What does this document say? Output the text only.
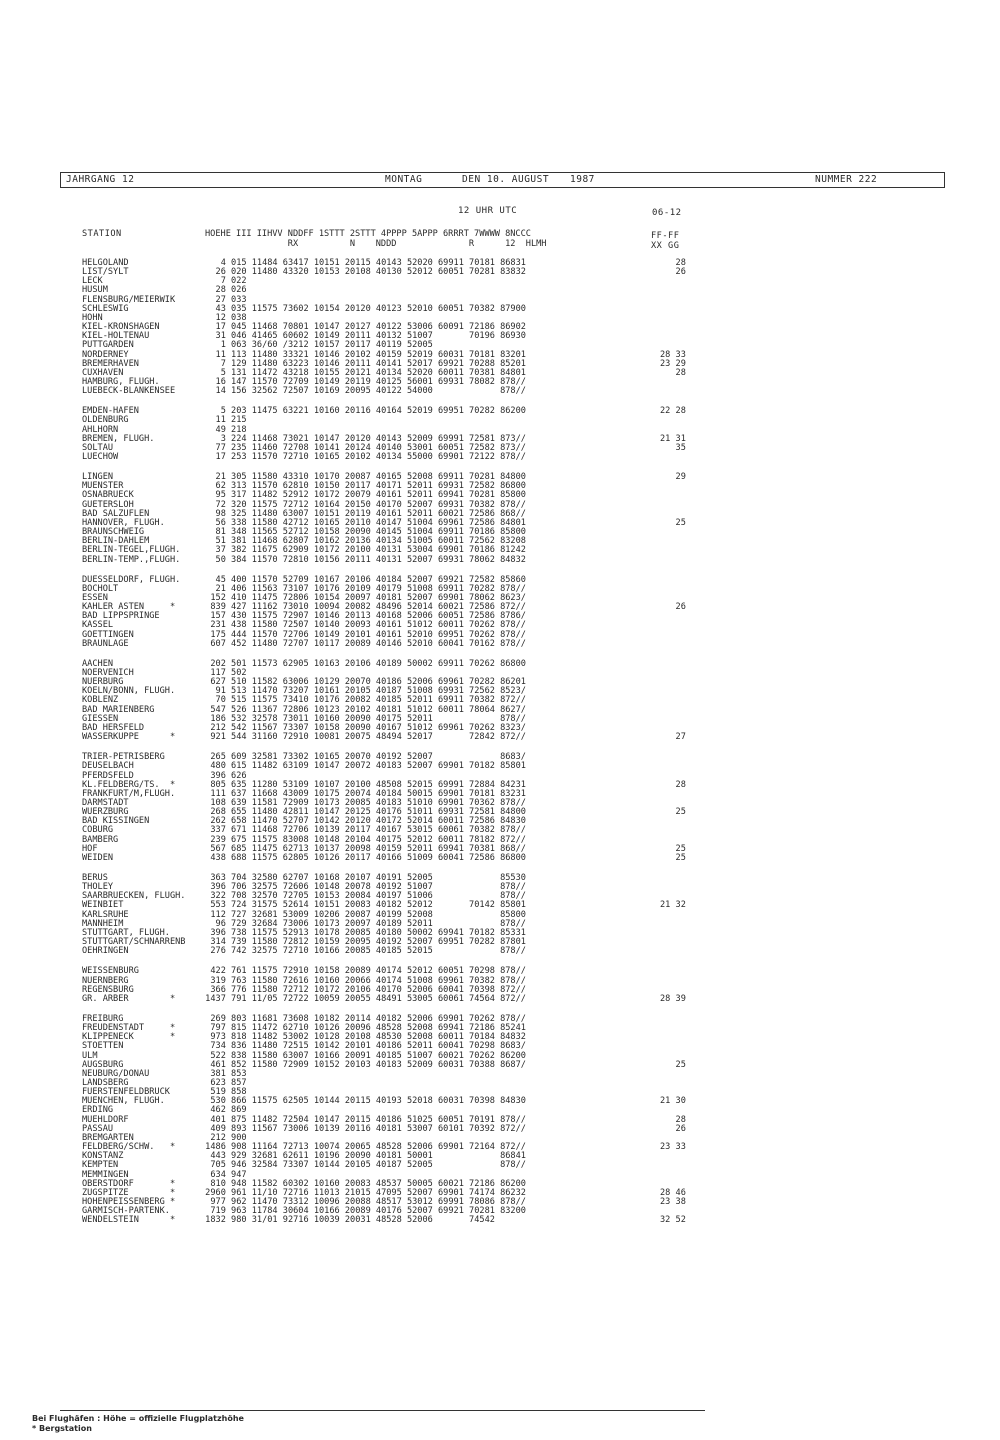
JAHRGANG 12	MONTAG	DEN 10. AUGUST 1987	NUMMER 222
12 UHR UTC	06-12
STATION	HOEHE III IIHVV NDDFF 1STTT 2STTT 4PPPP 5APPP 6RRRT 7WWWW 8NCCC
RX          N    NDDD              R      12  HLMH
FF-FF
XX GG
HELGOLAND	4 015 11484 63417 10151 20115 40143 52020 69911 70181 86831	28
LIST/SYLT	26 020 11480 43320 10153 20108 40130 52012 60051 70281 83832	26
LECK	7 022
HUSUM	28 026
FLENSBURG/MEIERWIK	27 033
SCHLESWIG	43 035 11575 73602 10154 20120 40123 52010 60051 70382 87900
HOHN	12 038
KIEL-KRONSHAGEN	17 045 11468 70801 10147 20127 40122 53006 60091 72186 86902
KIEL-HOLTENAU	31 046 41465 60602 10149 20111 40132 51007       70196 86930
PUTTGARDEN	1 063 36/60 /3212 10157 20117 40119 52005
NORDERNEY	11 113 11480 33321 10146 20102 40159 52019 60031 70181 83201	28 33
BREMERHAVEN	7 129 11480 63223 10146 20111 40141 52017 69921 70288 85201	23 29
CUXHAVEN	5 131 11472 43218 10155 20121 40134 52020 60011 70381 84801	28
HAMBURG, FLUGH.	16 147 11570 72709 10149 20119 40125 56001 69931 78082 878//
LUEBECK-BLANKENSEE	14 156 32562 72507 10169 20095 40122 54000             878//
EMDEN-HAFEN	5 203 11475 63221 10160 20116 40164 52019 69951 70282 86200	22 28
OLDENBURG	11 215
AHLHORN	49 218
BREMEN, FLUGH.	3 224 11468 73021 10147 20120 40143 52009 69991 72581 873//	21 31
SOLTAU	77 235 11460 72708 10141 20124 40140 53001 60051 72582 873//	35
LUECHOW	17 253 11570 72710 10165 20102 40134 55000 69901 72122 878//
LINGEN	21 305 11580 43310 10170 20087 40165 52008 69911 70281 84800	29
MUENSTER	62 313 11570 62810 10150 20117 40171 52011 69931 72582 86800
OSNABRUECK	95 317 11482 52912 10172 20079 40161 52011 69941 70281 85800
GUETERSLOH	72 320 11575 72712 10164 20150 40170 52007 69931 70382 878//
BAD SALZUFLEN	98 325 11480 63007 10151 20119 40161 52011 60021 72586 868//
HANNOVER, FLUGH.	56 338 11580 42712 10165 20110 40147 51004 69961 72586 84801	25
BRAUNSCHWEIG	81 348 11565 52712 10158 20090 40145 51004 69911 70186 85800
BERLIN-DAHLEM	51 381 11468 62807 10162 20136 40134 51005 60011 72562 83208
BERLIN-TEGEL,FLUGH. 37 382 11675 62909 10172 20100 40131 53004 69901 70186 81242
BERLIN-TEMP.,FLUGH. 50 384 11570 72810 10156 20111 40131 52007 69931 78062 84832
DUESSELDORF, FLUGH. 45 400 11570 52709 10167 20106 40184 52007 69921 72582 85860
BOCHOLT	21 406 11563 73107 10176 20109 40179 51008 69911 70282 878//
ESSEN	152 410 11475 72806 10154 20097 40181 52007 69901 78062 8623/
KAHLER ASTEN     *	839 427 11162 73010 10094 20082 48496 52014 60021 72586 872//	26
BAD LIPPSPRINGE	157 430 11575 72907 10146 20113 40168 52006 60051 72586 8786/
KASSEL	231 438 11580 72507 10140 20093 40161 51012 60011 70262 878//
GOETTINGEN	175 444 11570 72706 10149 20101 40161 52010 69951 70262 878//
BRAUNLAGE	607 452 11480 72707 10117 20089 40146 52010 60041 70162 878//
AACHEN	202 501 11573 62905 10163 20106 40189 50002 69911 70262 86800
NOERVENICH	117 502
NUERBURG	627 510 11582 63006 10129 20070 40186 52006 69961 70282 86201
KOELN/BONN, FLUGH.	91 513 11470 73207 10161 20105 40187 51008 69931 72562 8523/
KOBLENZ	70 515 11575 73410 10176 20082 40185 52011 69911 70382 872//
BAD MARIENBERG	547 526 11367 72806 10123 20102 40181 51012 60011 78064 8627/
GIESSEN	186 532 32578 73011 10160 20090 40175 52011             878//
BAD HERSFELD	212 542 11567 73307 10158 20090 40167 51012 69961 70262 8323/
WASSERKUPPE      *	921 544 31160 72910 10081 20075 48494 52017       72842 872//	27
TRIER-PETRISBERG	265 609 32581 73302 10165 20070 40192 52007             8683/
DEUSELBACH	480 615 11482 63109 10147 20072 40183 52007 69901 70182 85801
PFERDSFELD	396 626
KL.FELDBERG/TS.  *	805 635 11280 53109 10107 20100 48508 52015 69991 72884 84231	28
FRANKFURT/M,FLUGH.	111 637 11668 43009 10175 20074 40184 50015 69901 70181 83231
DARMSTADT	108 639 11581 72909 10173 20085 40183 51010 69901 70362 878//
WUERZBURG	268 655 11480 42811 10147 20125 40176 51011 69931 72581 84800	25
BAD KISSINGEN	262 658 11470 52707 10142 20120 40172 52014 60011 72586 84830
COBURG	337 671 11468 72706 10139 20117 40167 53015 60061 70382 878//
BAMBERG	239 675 11575 83008 10148 20104 40175 52012 60011 78182 872//
HOF	567 685 11475 62713 10137 20098 40159 52011 69941 70381 868//	25
WEIDEN	438 688 11575 62805 10126 20117 40166 51009 60041 72586 86800	25
BERUS	363 704 32580 62707 10168 20107 40191 52005             85530
THOLEY	396 706 32575 72606 10148 20078 40192 51007             878//
SAARBRUECKEN, FLUGH. 322 708 32570 72705 10153 20084 40197 51006             878//
WEINBIET	553 724 31575 52614 10151 20083 40182 52012       70142 85801	21 32
KARLSRUHE	112 727 32681 53009 10206 20087 40199 52008             85800
MANNHEIM	96 729 32684 73006 10173 20097 40189 52011             878//
STUTTGART, FLUGH.	396 738 11575 52913 10178 20085 40180 50002 69941 70182 85331
STUTTGART/SCHNARRENB 314 739 11580 72812 10159 20095 40192 52007 69951 70282 87801
OEHRINGEN	276 742 32575 72710 10166 20085 40185 52015             878//
WEISSENBURG	422 761 11575 72910 10158 20089 40174 52012 60051 70298 878//
NUERNBERG	319 763 11580 72616 10160 20066 40174 51008 69961 70382 878//
REGENSBURG	366 776 11580 72712 10172 20106 40170 52006 60041 70398 872//
GR. ARBER        *	1437 791 11/05 72722 10059 20055 48491 53005 60061 74564 872//	28 39
FREIBURG	269 803 11681 73608 10182 20114 40182 52006 69901 70262 878//
FREUDENSTADT     *	797 815 11472 62710 10126 20096 48528 52008 69941 72186 85241
KLIPPENECK       *	973 818 11482 53002 10128 20108 48530 52008 60011 70184 84832
STOETTEN	734 836 11480 72515 10142 20101 40186 52011 60041 70298 8683/
ULM	522 838 11580 63007 10166 20091 40185 51007 60021 70262 86200
AUGSBURG	461 852 11580 72909 10152 20103 40183 52009 60031 70388 8687/	25
NEUBURG/DONAU	381 853
LANDSBERG	623 857
FUERSTENFELDBRUCK	519 858
MUENCHEN, FLUGH.	530 866 11575 62505 10144 20115 40193 52018 60031 70398 84830	21 30
ERDING	462 869
MUEHLDORF	401 875 11482 72504 10147 20115 40186 51025 60051 70191 878//	28
PASSAU	409 893 11567 73006 10139 20116 40181 53007 60101 70392 872//	26
BREMGARTEN	212 900
FELDBERG/SCHW.   *	1486 908 11164 72713 10074 20065 48528 52006 69901 72164 872//	23 33
KONSTANZ	443 929 32681 62611 10196 20090 40181 50001             86841
KEMPTEN	705 946 32584 73307 10144 20105 40187 52005             878//
MEMMINGEN	634 947
OBERSTDORF       *	810 948 11582 60302 10160 20083 48537 50005 60021 72186 86200
ZUGSPITZE        *	2960 961 11/10 72716 11013 21015 47095 52007 69901 74174 86232	28 46
HOHENPEISSENBERG *	977 962 11470 73312 10096 20088 48517 53012 69991 78086 878//	23 38
GARMISCH-PARTENK.	719 963 11784 30604 10166 20089 40176 52007 69921 70281 83200
WENDELSTEIN      *	1832 980 31/01 92716 10039 20031 48528 52006       74542	32 52
Bei Flughäfen : Höhe = offizielle Flugplatzhöhe
* Bergstation
